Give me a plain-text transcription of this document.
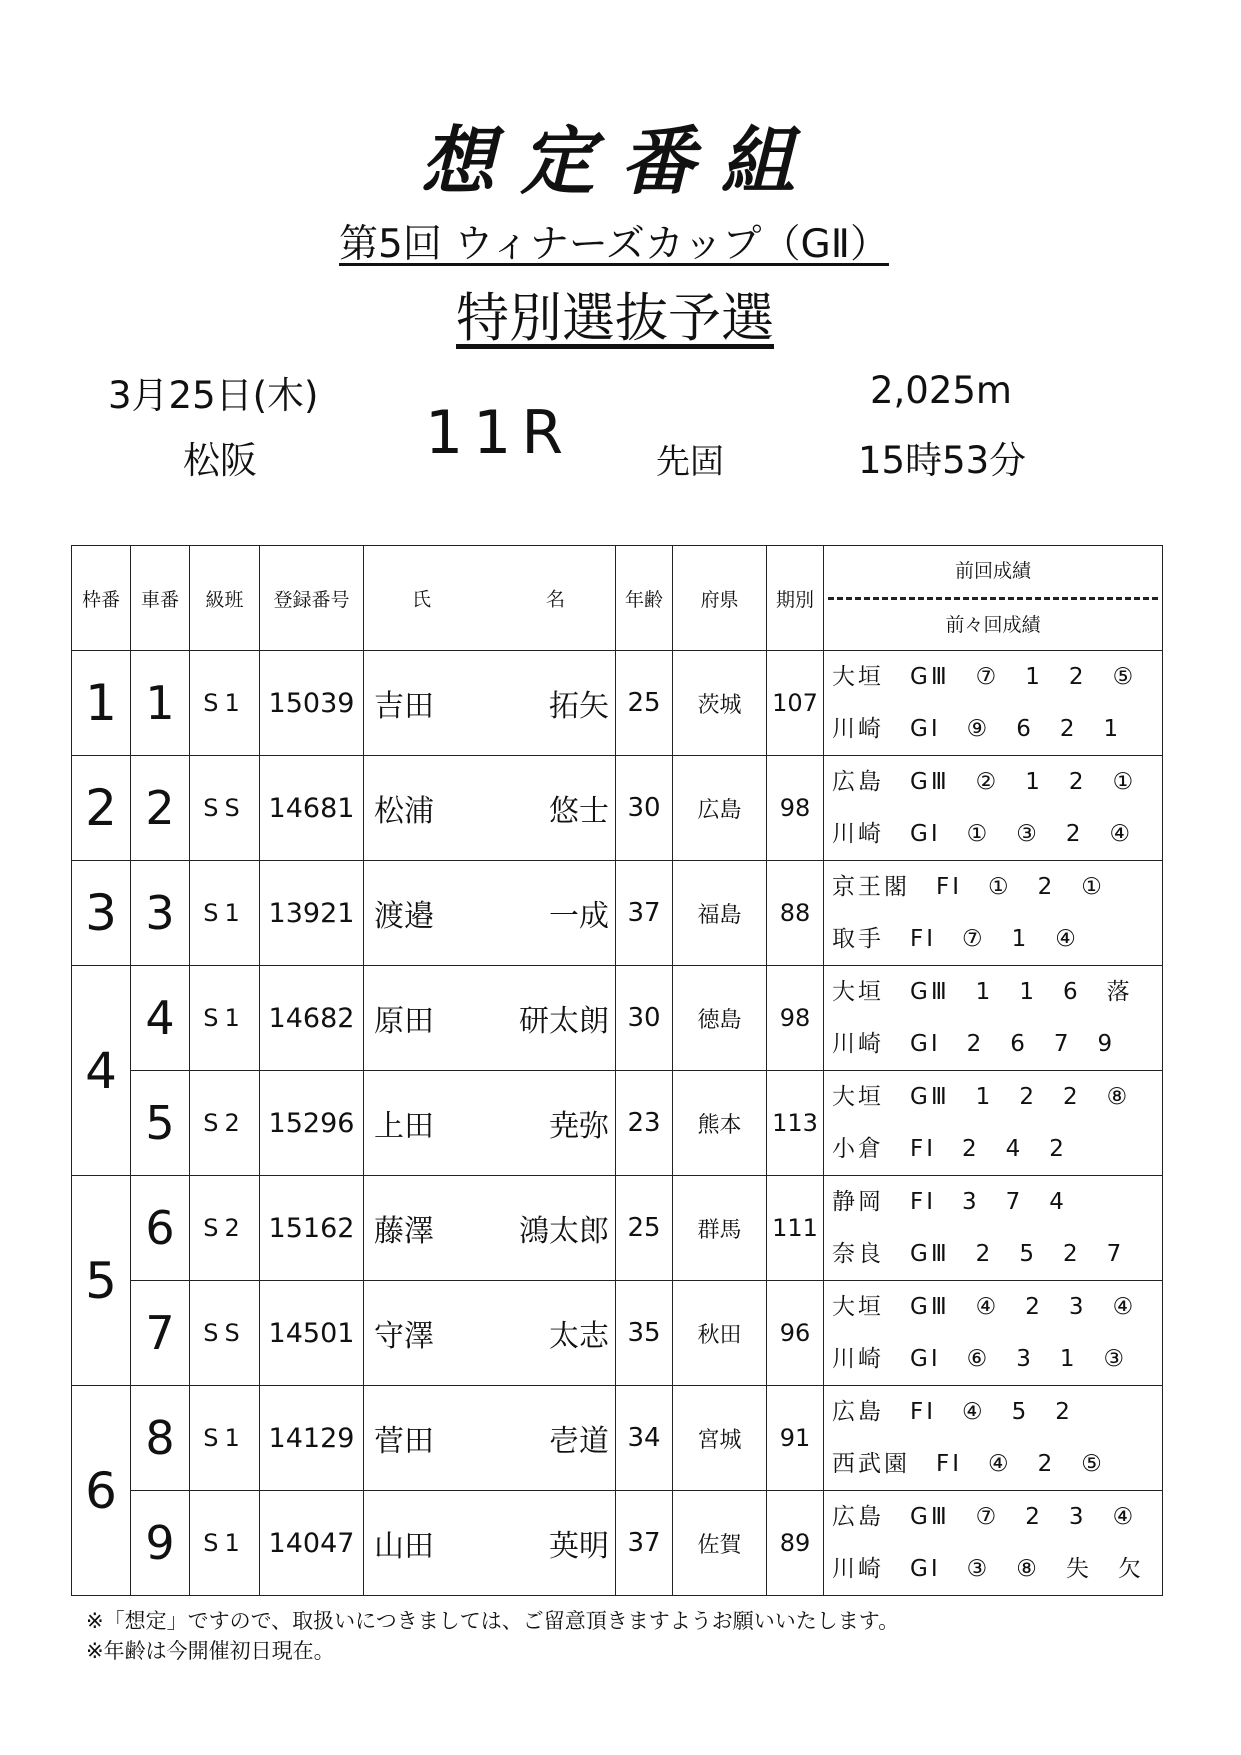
想定番組
第5回 ウィナーズカップ（GⅡ）
特別選抜予選
3月25日(木)
松阪	11R
2,025m
先固	15時53分
枠番	車番	級班	登録番号	氏 名	年齢	府県	期別	前回成績
前々回成績

1	1	S1	15039	吉田 拓矢	25	茨城	107	大垣　GⅢ　⑦　1　2　⑤
川崎　GⅠ　⑨　6　2　1

2	2	SS	14681	松浦 悠士	30	広島	98	広島　GⅢ　②　1　2　①
川崎　GⅠ　①　③　2　④

3	3	S1	13921	渡邉 一成	37	福島	88	京王閣　FⅠ　①　2　①
取手　FⅠ　⑦　1　④

4	4	S1	14682	原田 研太朗	30	徳島	98	大垣　GⅢ　1　1　6　落
川崎　GⅠ　2　6　7　9

	5	S2	15296	上田 尭弥	23	熊本	113	大垣　GⅢ　1　2　2　⑧
小倉　FⅠ　2　4　2

5	6	S2	15162	藤澤 鴻太郎	25	群馬	111	静岡　FⅠ　3　7　4
奈良　GⅢ　2　5　2　7

	7	SS	14501	守澤 太志	35	秋田	96	大垣　GⅢ　④　2　3　④
川崎　GⅠ　⑥　3　1　③

6	8	S1	14129	菅田 壱道	34	宮城	91	広島　FⅠ　④　5　2
西武園　FⅠ　④　2　⑤

	9	S1	14047	山田 英明	37	佐賀	89	広島　GⅢ　⑦　2　3　④
川崎　GⅠ　③　⑧　失　欠
※「想定」ですので、取扱いにつきましては、ご留意頂きますようお願いいたします。
※年齢は今開催初日現在。
